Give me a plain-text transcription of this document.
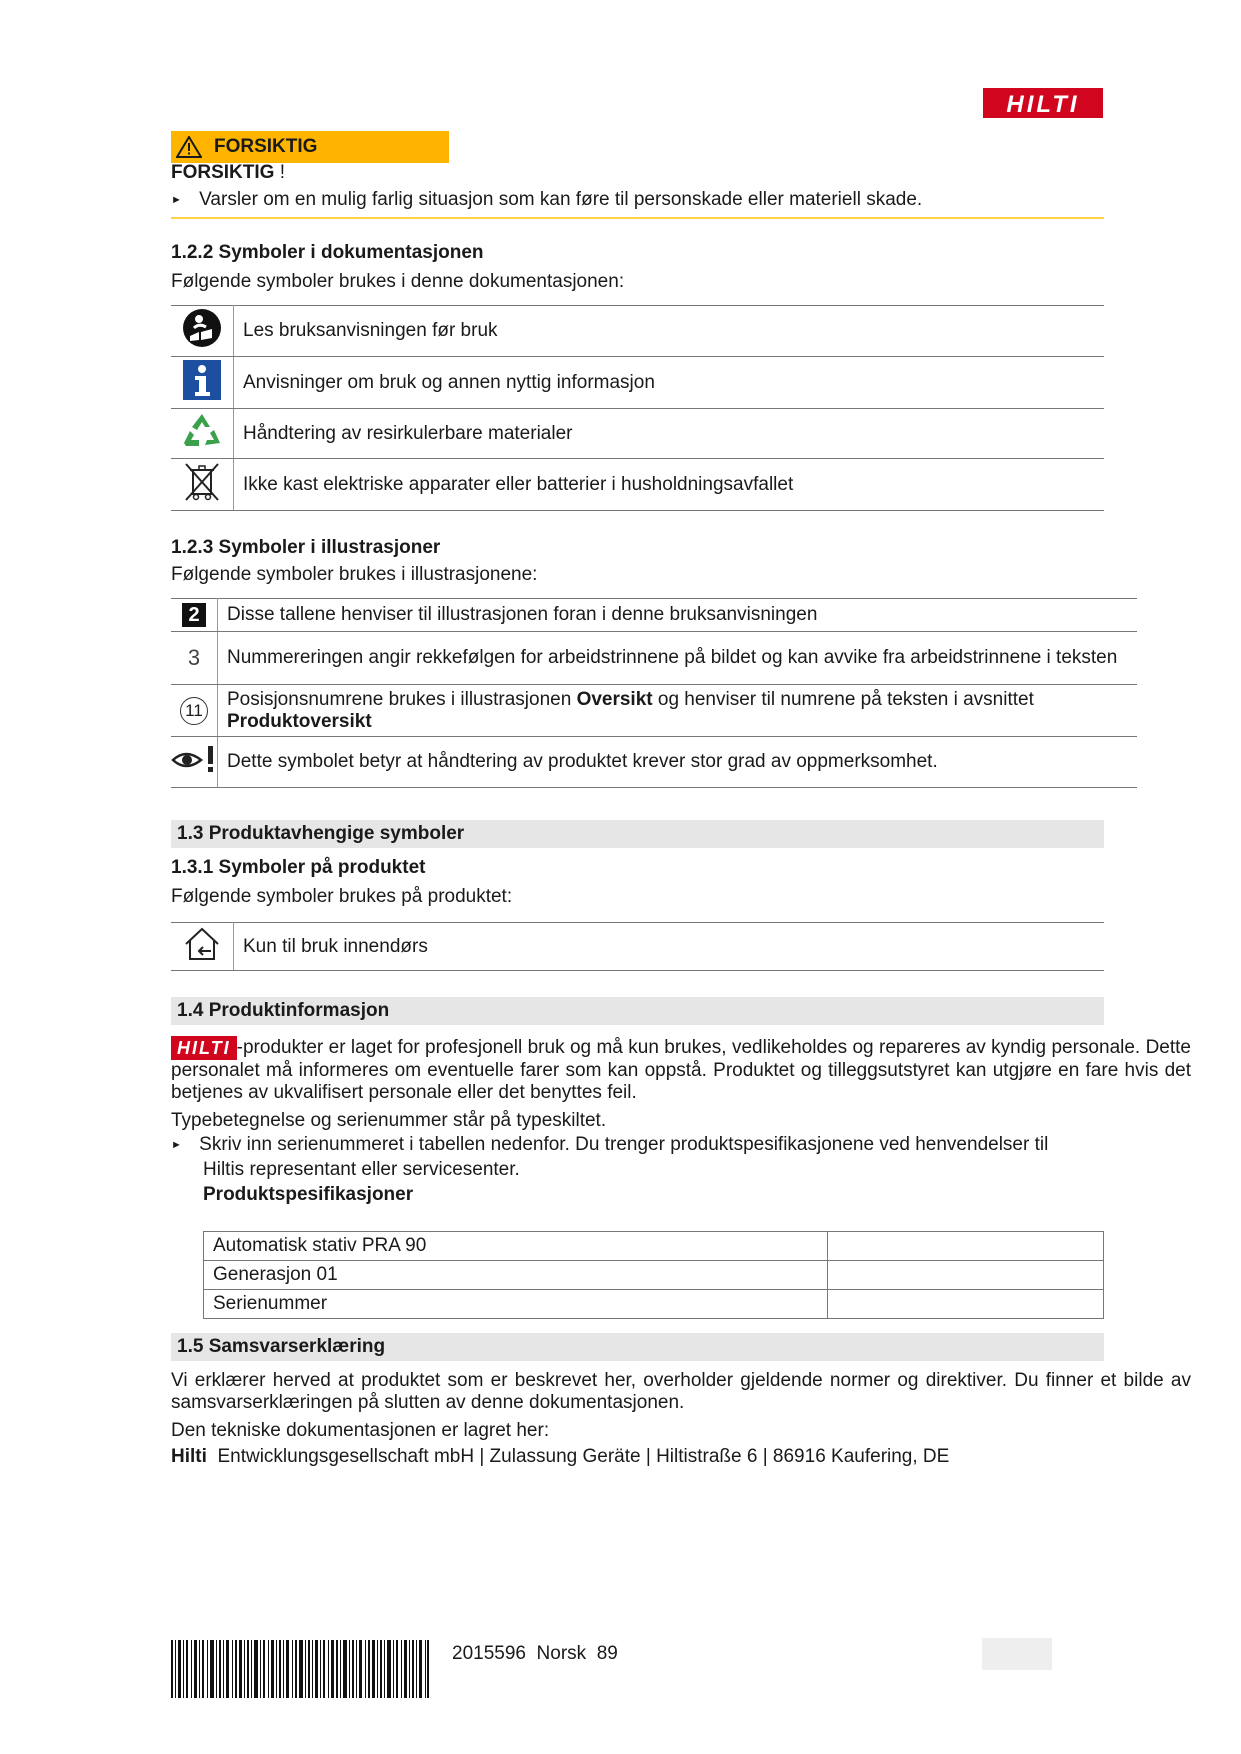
HILTI
FORSIKTIG
FORSIKTIG !
► Varsler om en mulig farlig situasjon som kan føre til personskade eller materiell skade.
1.2.2 Symboler i dokumentasjonen
Følgende symboler brukes i denne dokumentasjonen:
	Les bruksanvisningen før bruk
	Anvisninger om bruk og annen nyttig informasjon
	Håndtering av resirkulerbare materialer
	Ikke kast elektriske apparater eller batterier i husholdningsavfallet
1.2.3 Symboler i illustrasjoner
Følgende symboler brukes i illustrasjonene:
2	Disse tallene henviser til illustrasjonen foran i denne bruksanvisningen
3	Nummereringen angir rekkefølgen for arbeidstrinnene på bildet og kan avvike fra arbeidstrinnene i teksten

11	Posisjonsnumrene brukes i illustrasjonen Oversikt og henviser til numrene på teksten i avsnittet
Produktoversikt
	Dette symbolet betyr at håndtering av produktet krever stor grad av oppmerksomhet.
1.3 Produktavhengige symboler
1.3.1 Symboler på produktet
Følgende symboler brukes på produktet:
	Kun til bruk innendørs
1.4 Produktinformasjon
HILTI -produkter er laget for profesjonell bruk og må kun brukes, vedlikeholdes og repareres av kyndig personale. Dette personalet må informeres om eventuelle farer som kan oppstå. Produktet og tilleggsutstyret kan utgjøre en fare hvis det betjenes av ukvalifisert personale eller det benyttes feil.
Typebetegnelse og serienummer står på typeskiltet.
► Skriv inn serienummeret i tabellen nedenfor. Du trenger produktspesifikasjonene ved henvendelser til
Hiltis representant eller servicesenter.
Produktspesifikasjoner
Automatisk stativ PRA 90	
Generasjon 01	
Serienummer	
1.5 Samsvarserklæring
Vi erklærer herved at produktet som er beskrevet her, overholder gjeldende normer og direktiver. Du finner et bilde av samsvarserklæringen på slutten av denne dokumentasjonen.
Den tekniske dokumentasjonen er lagret her:
Hilti Entwicklungsgesellschaft mbH | Zulassung Geräte | Hiltistraße 6 | 86916 Kaufering, DE
2015596 Norsk 89
